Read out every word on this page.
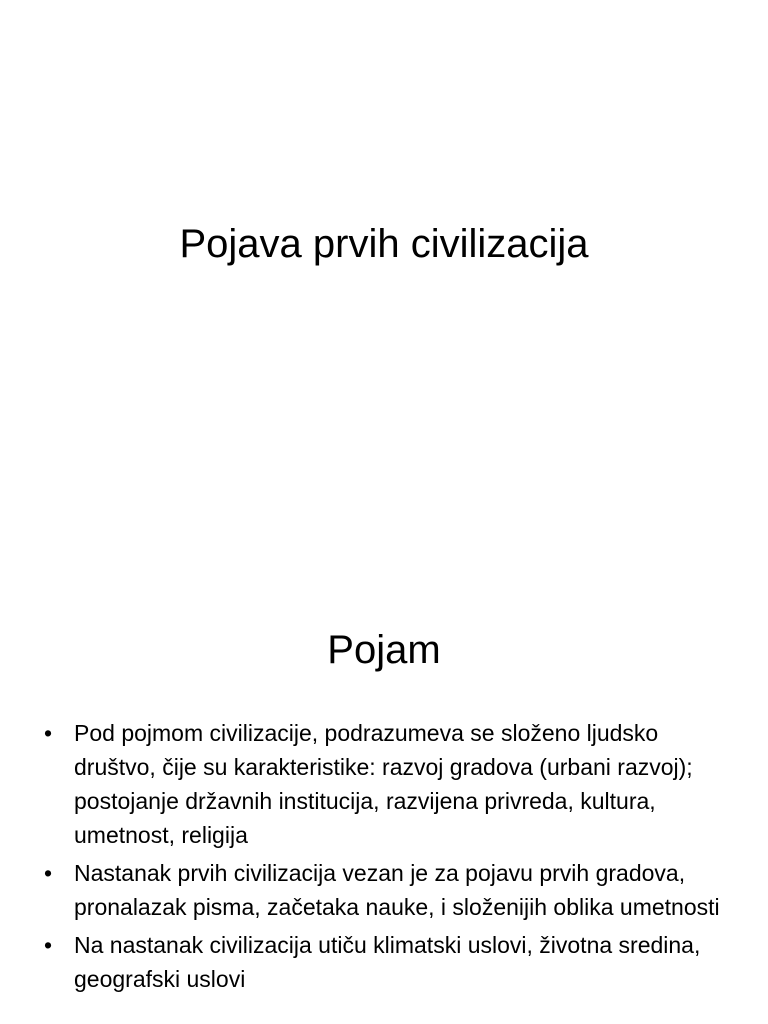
Pojava prvih civilizacija
Pojam
• Pod pojmom civilizacije, podrazumeva se složeno ljudsko društvo, čije su karakteristike: razvoj gradova (urbani razvoj); postojanje državnih institucija, razvijena privreda, kultura, umetnost, religija
• Nastanak prvih civilizacija vezan je za pojavu prvih gradova, pronalazak pisma, začetaka nauke, i složenijih oblika umetnosti
• Na nastanak civilizacija utiču klimatski uslovi, životna sredina, geografski uslovi
